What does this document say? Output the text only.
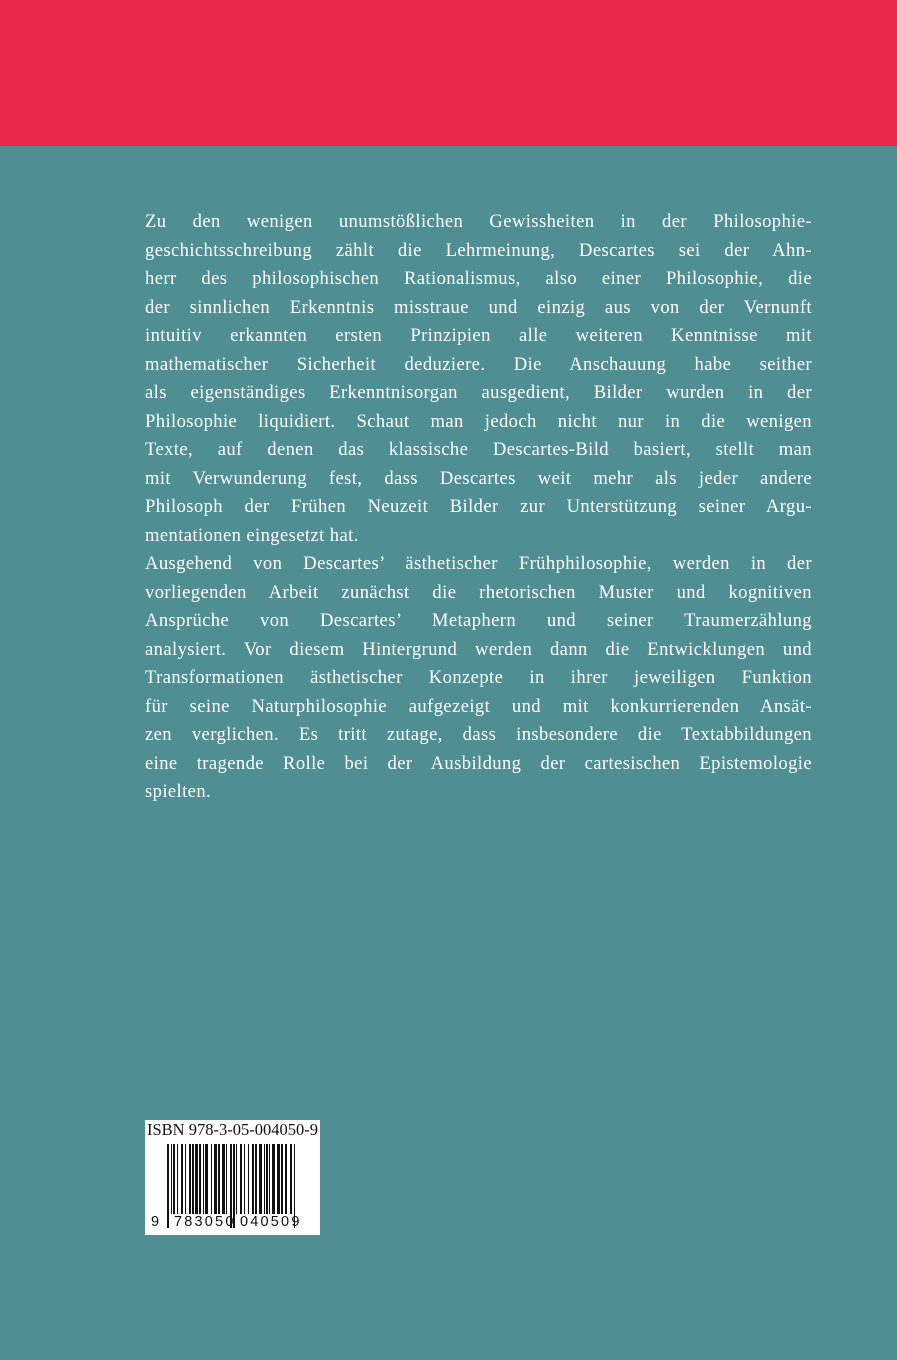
Zu den wenigen unumstößlichen Gewissheiten in der Philosophie-
geschichtsschreibung zählt die Lehrmeinung, Descartes sei der Ahn-
herr des philosophischen Rationalismus, also einer Philosophie, die
der sinnlichen Erkenntnis misstraue und einzig aus von der Vernunft
intuitiv erkannten ersten Prinzipien alle weiteren Kenntnisse mit
mathematischer Sicherheit deduziere. Die Anschauung habe seither
als eigenständiges Erkenntnisorgan ausgedient, Bilder wurden in der
Philosophie liquidiert. Schaut man jedoch nicht nur in die wenigen
Texte, auf denen das klassische Descartes-Bild basiert, stellt man
mit Verwunderung fest, dass Descartes weit mehr als jeder andere
Philosoph der Frühen Neuzeit Bilder zur Unterstützung seiner Argu-
mentationen eingesetzt hat.
Ausgehend von Descartes’ ästhetischer Frühphilosophie, werden in der
vorliegenden Arbeit zunächst die rhetorischen Muster und kognitiven
Ansprüche von Descartes’ Metaphern und seiner Traumerzählung
analysiert. Vor diesem Hintergrund werden dann die Entwicklungen und
Transformationen ästhetischer Konzepte in ihrer jeweiligen Funktion
für seine Naturphilosophie aufgezeigt und mit konkurrierenden Ansät-
zen verglichen. Es tritt zutage, dass insbesondere die Textabbildungen
eine tragende Rolle bei der Ausbildung der cartesischen Epistemologie
spielten.
ISBN 978-3-05-004050-9
9 783050 040509
